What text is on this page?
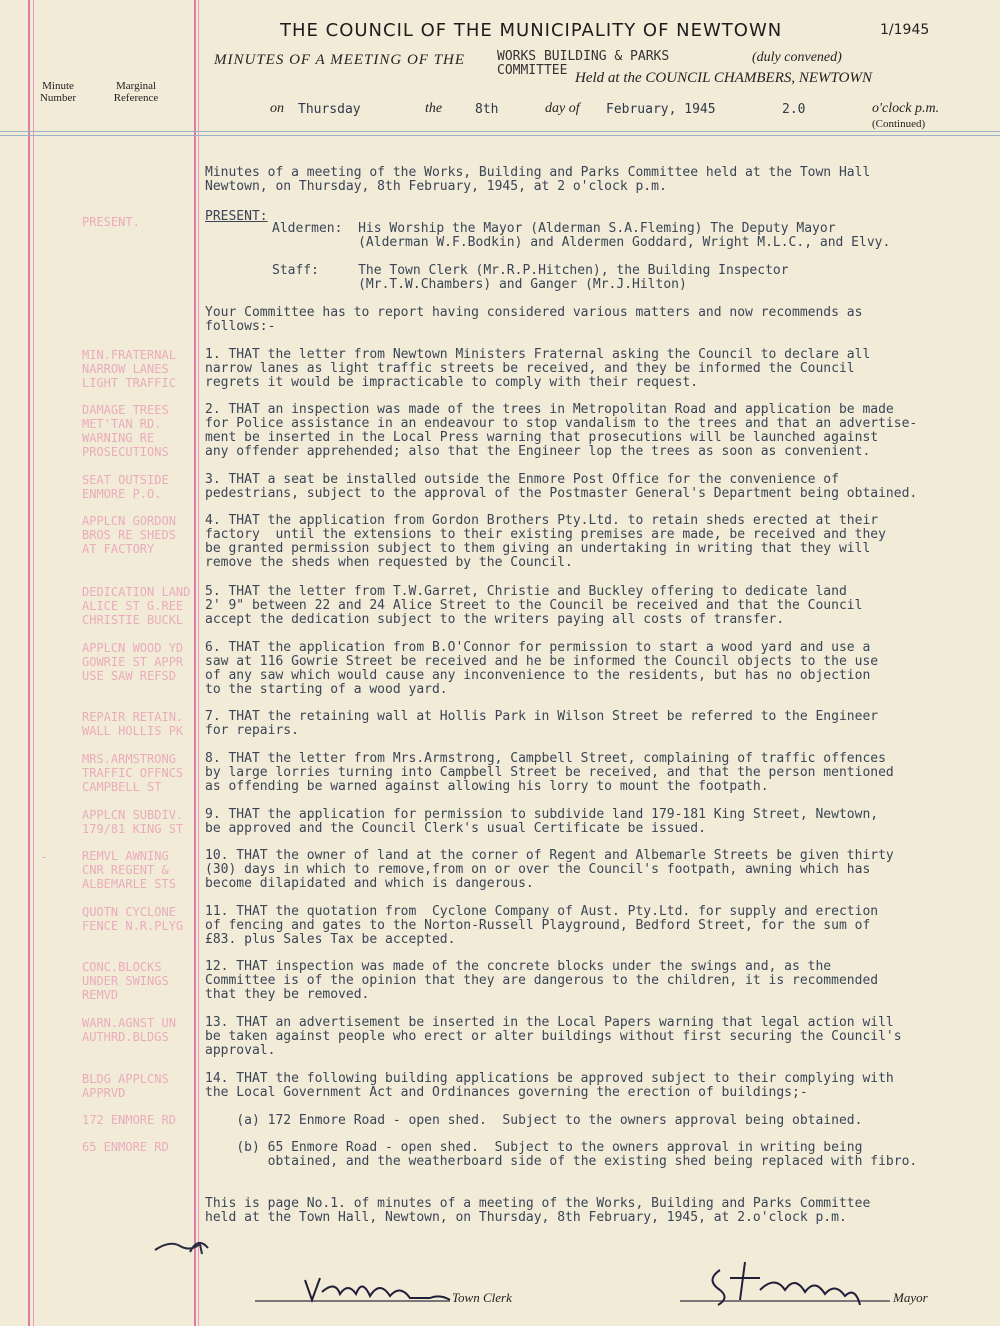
THE COUNCIL OF THE MUNICIPALITY OF NEWTOWN	1/1945
MINUTES OF A MEETING OF THE WORKS BUILDING & PARKS
COMMITTEE
(duly convened)
Held at the COUNCIL CHAMBERS, NEWTOWN
Minute
Number
Marginal
Reference
on Thursday	the	8th	day of February, 1945	2.0	o'clock p.m.
(Continued)
Minutes of a meeting of the Works, Building and Parks Committee held at the Town Hall
Newtown, on Thursday, 8th February, 1945, at 2 o'clock p.m.
PRESENT.	PRESENT:
Aldermen:  His Worship the Mayor (Alderman S.A.Fleming) The Deputy Mayor
(Alderman W.F.Bodkin) and Aldermen Goddard, Wright M.L.C., and Elvy.
Staff:     The Town Clerk (Mr.R.P.Hitchen), the Building Inspector
(Mr.T.W.Chambers) and Ganger (Mr.J.Hilton)
Your Committee has to report having considered various matters and now recommends as
follows:-
MIN.FRATERNAL
NARROW LANES
LIGHT TRAFFIC
1. THAT the letter from Newtown Ministers Fraternal asking the Council to declare all
narrow lanes as light traffic streets be received, and they be informed the Council
regrets it would be impracticable to comply with their request.
DAMAGE TREES
MET'TAN RD.
WARNING RE
PROSECUTIONS
2. THAT an inspection was made of the trees in Metropolitan Road and application be made
for Police assistance in an endeavour to stop vandalism to the trees and that an advertise-
ment be inserted in the Local Press warning that prosecutions will be launched against
any offender apprehended; also that the Engineer lop the trees as soon as convenient.
SEAT OUTSIDE
ENMORE P.O.
3. THAT a seat be installed outside the Enmore Post Office for the convenience of
pedestrians, subject to the approval of the Postmaster General's Department being obtained.
APPLCN GORDON
BROS RE SHEDS
AT FACTORY
4. THAT the application from Gordon Brothers Pty.Ltd. to retain sheds erected at their
factory  until the extensions to their existing premises are made, be received and they
be granted permission subject to them giving an undertaking in writing that they will
remove the sheds when requested by the Council.
DEDICATION LAND
ALICE ST G.REE
CHRISTIE BUCKL
5. THAT the letter from T.W.Garret, Christie and Buckley offering to dedicate land
2' 9" between 22 and 24 Alice Street to the Council be received and that the Council
accept the dedication subject to the writers paying all costs of transfer.
APPLCN WOOD YD
GOWRIE ST APPR
USE SAW REFSD
6. THAT the application from B.O'Connor for permission to start a wood yard and use a
saw at 116 Gowrie Street be received and he be informed the Council objects to the use
of any saw which would cause any inconvenience to the residents, but has no objection
to the starting of a wood yard.
REPAIR RETAIN.
WALL HOLLIS PK
7. THAT the retaining wall at Hollis Park in Wilson Street be referred to the Engineer
for repairs.
MRS.ARMSTRONG
TRAFFIC OFFNCS
CAMPBELL ST
8. THAT the letter from Mrs.Armstrong, Campbell Street, complaining of traffic offences
by large lorries turning into Campbell Street be received, and that the person mentioned
as offending be warned against allowing his lorry to mount the footpath.
APPLCN SUBDIV.
179/81 KING ST
9. THAT the application for permission to subdivide land 179-181 King Street, Newtown,
be approved and the Council Clerk's usual Certificate be issued.
REMVL AWNING
CNR REGENT &
ALBEMARLE STS
10. THAT the owner of land at the corner of Regent and Albemarle Streets be given thirty
(30) days in which to remove,from on or over the Council's footpath, awning which has
become dilapidated and which is dangerous.
QUOTN CYCLONE
FENCE N.R.PLYG
11. THAT the quotation from  Cyclone Company of Aust. Pty.Ltd. for supply and erection
of fencing and gates to the Norton-Russell Playground, Bedford Street, for the sum of
£83. plus Sales Tax be accepted.
CONC.BLOCKS
UNDER SWINGS
REMVD
12. THAT inspection was made of the concrete blocks under the swings and, as the
Committee is of the opinion that they are dangerous to the children, it is recommended
that they be removed.
WARN.AGNST UN
AUTHRD.BLDGS
13. THAT an advertisement be inserted in the Local Papers warning that legal action will
be taken against people who erect or alter buildings without first securing the Council's
approval.
BLDG APPLCNS
APPRVD
14. THAT the following building applications be approved subject to their complying with
the Local Government Act and Ordinances governing the erection of buildings;-
172 ENMORE RD	(a) 172 Enmore Road - open shed.  Subject to the owners approval being obtained.
65 ENMORE RD	(b) 65 Enmore Road - open shed.  Subject to the owners approval in writing being
obtained, and the weatherboard side of the existing shed being replaced with fibro.
This is page No.1. of minutes of a meeting of the Works, Building and Parks Committee
held at the Town Hall, Newtown, on Thursday, 8th February, 1945, at 2.o'clock p.m.
Town Clerk	Mayor
-
